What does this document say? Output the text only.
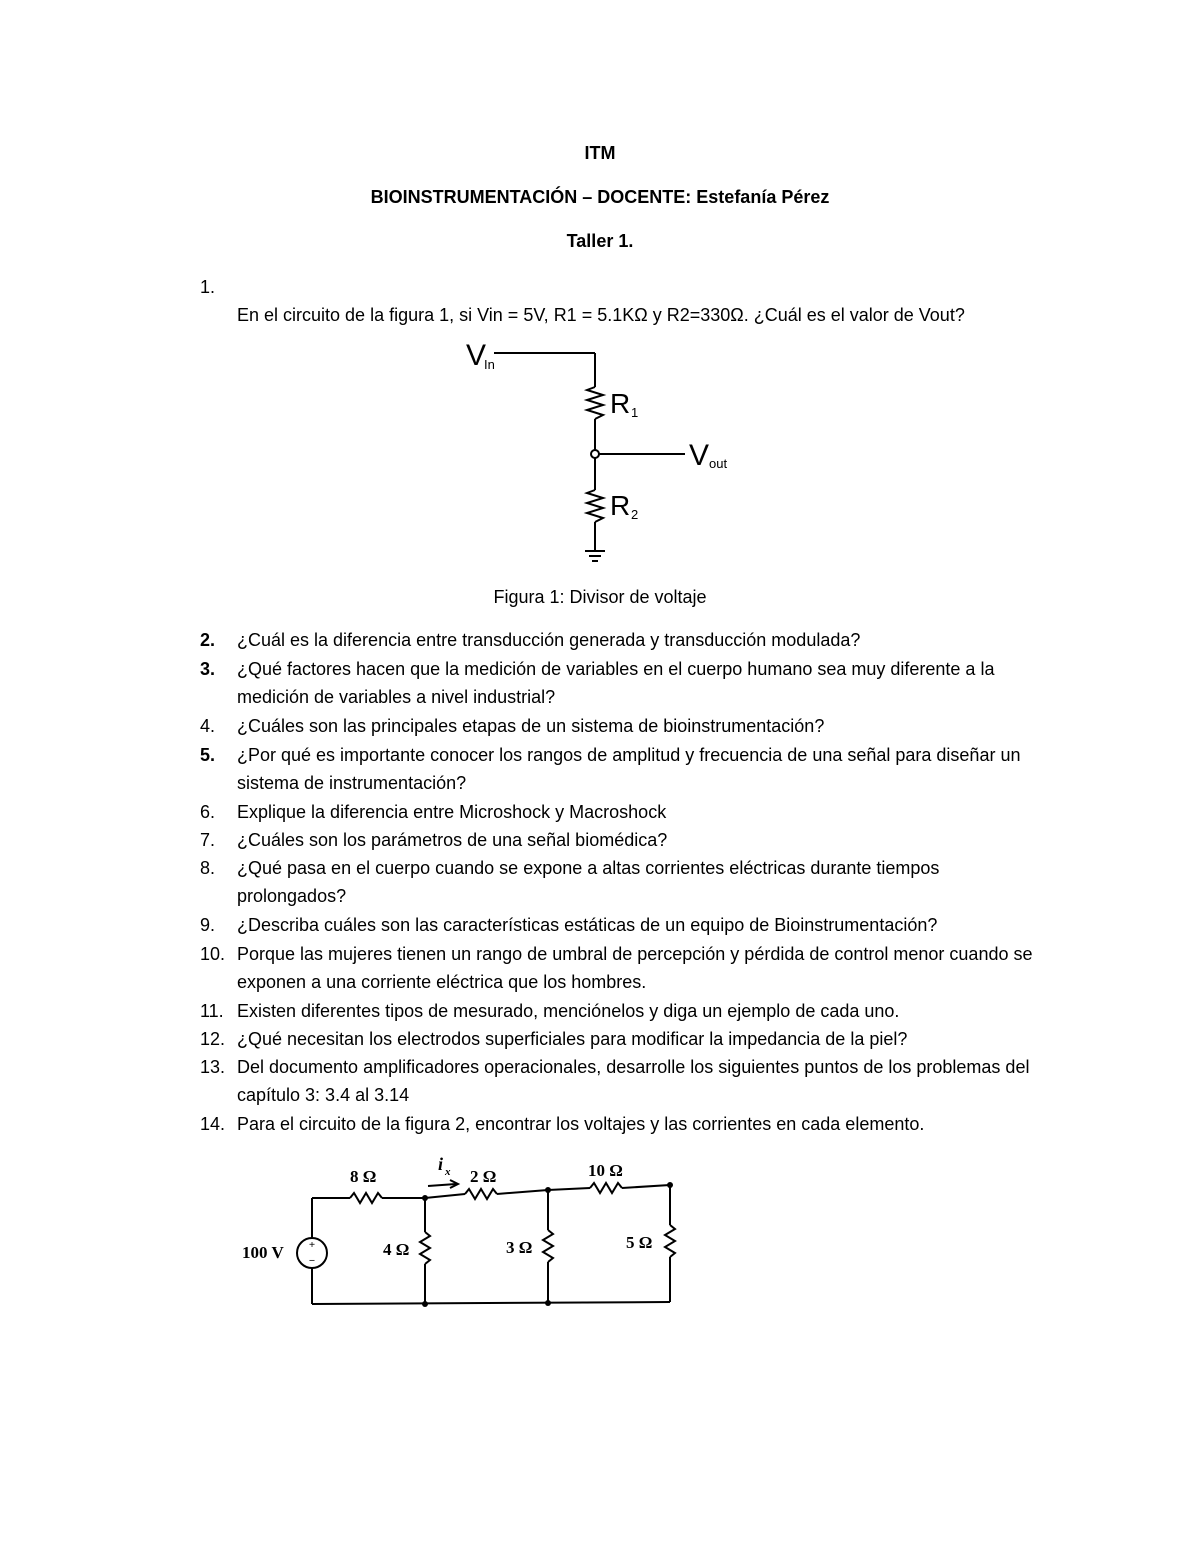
ITM
BIOINSTRUMENTACIÓN – DOCENTE: Estefanía Pérez
Taller 1.
1.
En el circuito de la figura 1, si Vin = 5V, R1 = 5.1KΩ y R2=330Ω. ¿Cuál es el valor de Vout?
V
In
R 1
V out
R 2
Figura 1: Divisor de voltaje
2.	¿Cuál es la diferencia entre transducción generada y transducción modulada?
3.	¿Qué factores hacen que la medición de variables en el cuerpo humano sea muy diferente a la medición de variables a nivel industrial?
4.	¿Cuáles son las principales etapas de un sistema de bioinstrumentación?
5.	¿Por qué es importante conocer los rangos de amplitud y frecuencia de una señal para diseñar un sistema de instrumentación?
6.	Explique la diferencia entre Microshock y Macroshock
7.	¿Cuáles son los parámetros de una señal biomédica?
8.	¿Qué pasa en el cuerpo cuando se expone a altas corrientes eléctricas durante tiempos prolongados?
9.	¿Describa cuáles son las características estáticas de un equipo de Bioinstrumentación?
10. Porque las mujeres tienen un rango de umbral de percepción y pérdida de control menor cuando se exponen a una corriente eléctrica que los hombres.
11. Existen diferentes tipos de mesurado, menciónelos y diga un ejemplo de cada uno.
12. ¿Qué necesitan los electrodos superficiales para modificar la impedancia de la piel?
13. Del documento amplificadores operacionales, desarrolle los siguientes puntos de los problemas del capítulo 3: 3.4 al 3.14
14. Para el circuito de la figura 2, encontrar los voltajes y las corrientes en cada elemento.
+
−
100 V
8 Ω
i x 2 Ω	10 Ω
4 Ω	3 Ω	5 Ω
